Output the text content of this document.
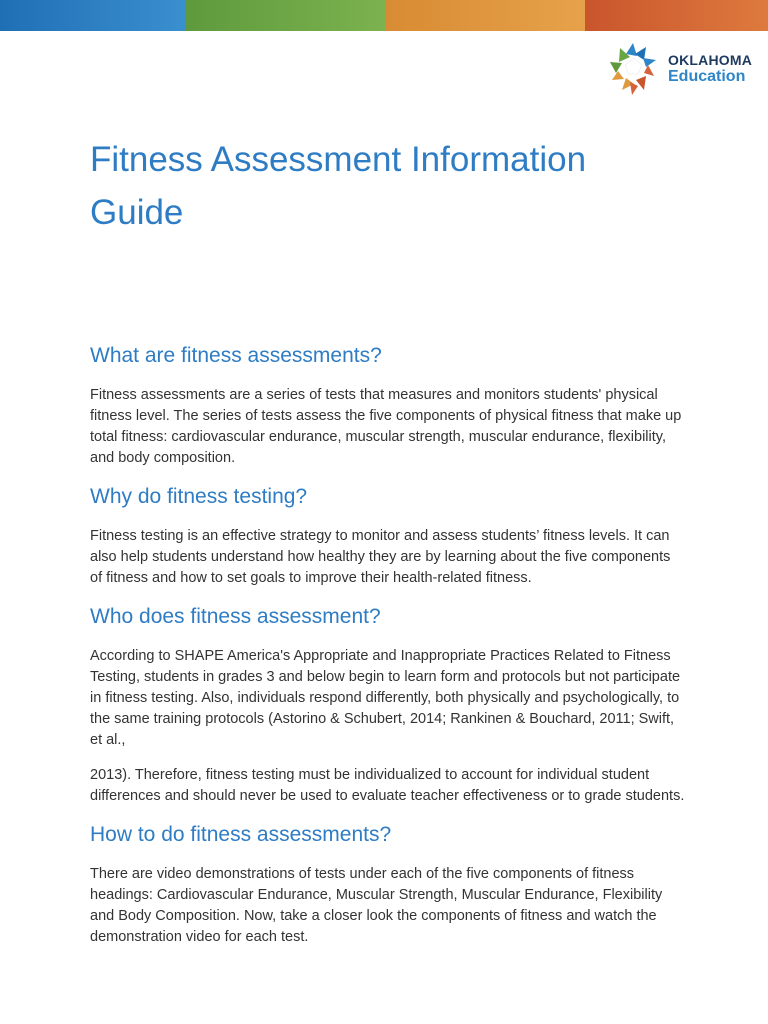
OKLAHOMA
Education
Fitness Assessment Information Guide
What are fitness assessments?

Fitness assessments are a series of tests that measures and monitors students' physical fitness level. The series of tests assess the five components of physical fitness that make up total fitness: cardiovascular endurance, muscular strength, muscular endurance, flexibility, and body composition.

Why do fitness testing?

Fitness testing is an effective strategy to monitor and assess students’ fitness levels. It can also help students understand how healthy they are by learning about the five components of fitness and how to set goals to improve their health-related fitness.

Who does fitness assessment?

According to SHAPE America's Appropriate and Inappropriate Practices Related to Fitness Testing, students in grades 3 and below begin to learn form and protocols but not participate in fitness testing. Also, individuals respond differently, both physically and psychologically, to the same training protocols (Astorino & Schubert, 2014; Rankinen & Bouchard, 2011; Swift, et al.,

2013). Therefore, fitness testing must be individualized to account for individual student differences and should never be used to evaluate teacher effectiveness or to grade students.

How to do fitness assessments?

There are video demonstrations of tests under each of the five components of fitness headings: Cardiovascular Endurance, Muscular Strength, Muscular Endurance, Flexibility and Body Composition. Now, take a closer look the components of fitness and watch the demonstration video for each test.
